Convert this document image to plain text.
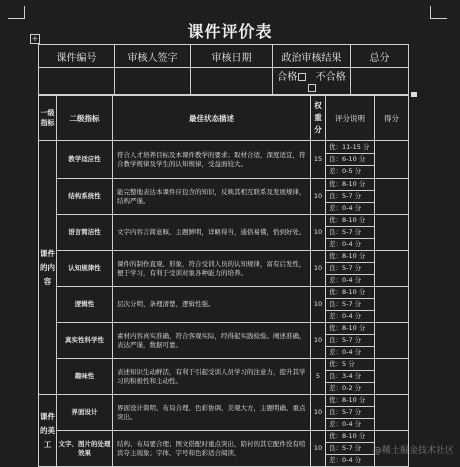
课件评价表
+
课件编号	审核人签字	审核日期	政治审核结果	总分
			合格 不合格	
一级指标	二级指标	最佳状态描述	权重分	评分说明	得分

课件的内容	教学适应性	符合人才培养目标及本课件教学的要求；取材合适，深度适宜，符合教学规律及学生的认知规律，受益面较大。	15	优：11-15 分
良：6-10 分
差：0-5 分	

	结构系统性	能完整地表达本课件应包含的知识，反映其相互联系及发展规律，结构严谨。	10	优：8-10 分
良：5-7 分
差：0-4 分	

	语言简洁性	文字内容言简意赅、主题鲜明，详略得当，通俗易懂，恰到好处。	10	优：8-10 分
良：5-7 分
差：0-4 分	

	认知规律性	课件的制作直观、形象，符合受训人员的认知规律，富有启发性，便于学习，有利于受训对象各种能力的培养。	10	优：8-10 分
良：5-7 分
差：0-4 分	

	逻辑性	层次分明、条理清楚、逻辑性强。	10	优：8-10 分
良：5-7 分
差：0-4 分	

	真实性科学性	素材内容真实准确，符合客观实际，经得起实践检验。阐述准确，表达严谨，数据可靠。	10	优：8-10 分
良：5-7 分
差：0-4 分	

	趣味性	表述知识生动鲜活，有利于引起受训人员学习的注意力，提升其学习的积极性和主动性。	5	优：5 分
良：3-4 分
差：0-2 分	

课件的美工	界面设计	界面设计简明、布局合理、色彩协调、美观大方，主题明确、重点突出。	10	优：8-10 分
良：5-7 分
差：0-4 分	

	文字、图片的处理效果	结构、布局要合理；图文搭配时重点突出，陪衬的其它配件没有喧宾夺主现象；字体、字号和色彩适合阅读，	10	优：8-10 分
良：5-7 分
差：0-4 分	

@稀土掘金技术社区
